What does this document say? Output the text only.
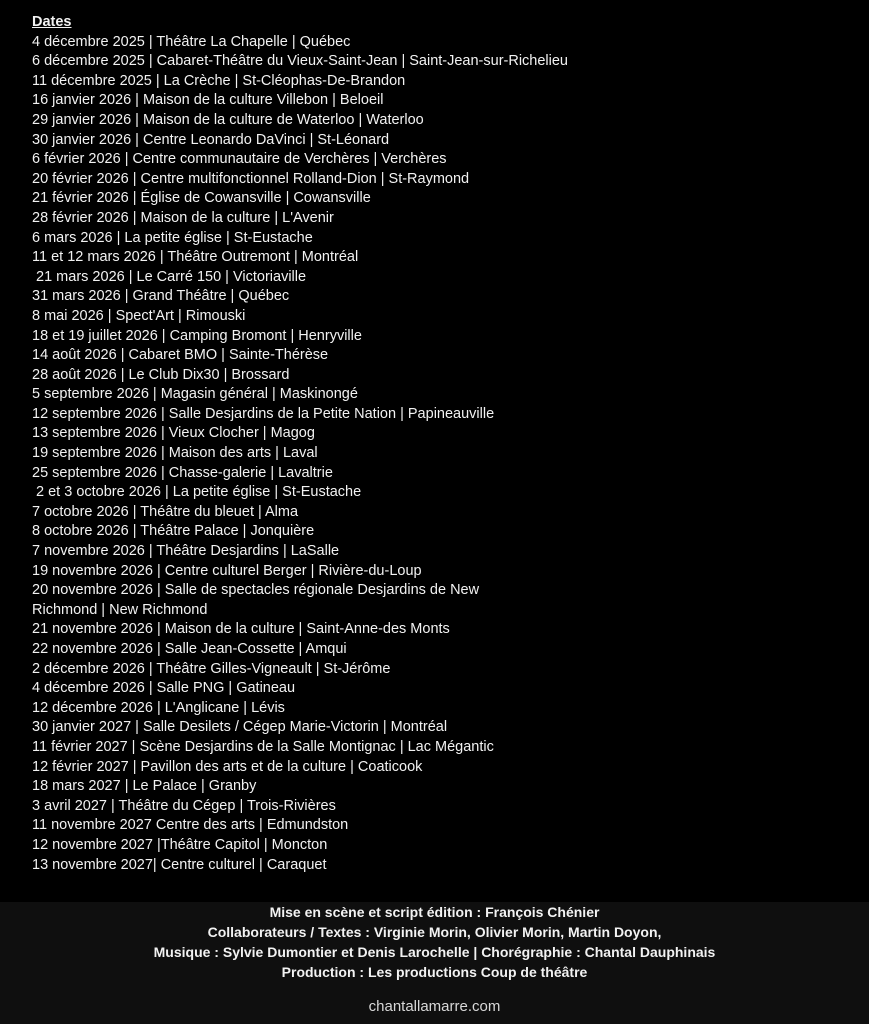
Dates
4 décembre 2025 | Théâtre La Chapelle | Québec
6 décembre 2025 | Cabaret-Théâtre du Vieux-Saint-Jean | Saint-Jean-sur-Richelieu
11 décembre 2025 | La Crèche | St-Cléophas-De-Brandon
16 janvier 2026 | Maison de la culture Villebon | Beloeil
29 janvier 2026 | Maison de la culture de Waterloo | Waterloo
30 janvier 2026 | Centre Leonardo DaVinci | St-Léonard
6 février 2026 | Centre communautaire de Verchères | Verchères
20 février 2026 | Centre multifonctionnel Rolland-Dion | St-Raymond
21 février 2026 | Église de Cowansville | Cowansville
28 février 2026 | Maison de la culture | L'Avenir
6 mars 2026 | La petite église | St-Eustache
11 et 12 mars 2026 | Théâtre Outremont | Montréal
21 mars 2026 | Le Carré 150 | Victoriaville
31 mars 2026 | Grand Théâtre | Québec
8 mai 2026 | Spect'Art | Rimouski
18 et 19 juillet 2026 | Camping Bromont | Henryville
14 août 2026 | Cabaret BMO | Sainte-Thérèse
28 août 2026 | Le Club Dix30 | Brossard
5 septembre 2026 | Magasin général | Maskinongé
12 septembre 2026 | Salle Desjardins de la Petite Nation | Papineauville
13 septembre 2026 | Vieux Clocher | Magog
19 septembre 2026 | Maison des arts | Laval
25 septembre 2026 | Chasse-galerie | Lavaltrie
2 et 3 octobre 2026 | La petite église | St-Eustache
7 octobre 2026 | Théâtre du bleuet | Alma
8 octobre 2026 | Théâtre Palace | Jonquière
7 novembre 2026 | Théâtre Desjardins | LaSalle
19 novembre 2026 | Centre culturel Berger | Rivière-du-Loup
20 novembre 2026 | Salle de spectacles régionale Desjardins de New
Richmond | New Richmond
21 novembre 2026 | Maison de la culture | Saint-Anne-des Monts
22 novembre 2026 | Salle Jean-Cossette | Amqui
2 décembre 2026 | Théâtre Gilles-Vigneault | St-Jérôme
4 décembre 2026 | Salle PNG | Gatineau
12 décembre 2026 | L'Anglicane | Lévis
30 janvier 2027 | Salle Desilets / Cégep Marie-Victorin | Montréal
11 février 2027 | Scène Desjardins de la Salle Montignac | Lac Mégantic
12 février 2027 | Pavillon des arts et de la culture | Coaticook
18 mars 2027 | Le Palace | Granby
3 avril 2027 | Théâtre du Cégep | Trois-Rivières
11 novembre 2027 Centre des arts | Edmundston
12 novembre 2027 |Théâtre Capitol | Moncton
13 novembre 2027| Centre culturel | Caraquet
Mise en scène et script édition : François Chénier
Collaborateurs / Textes : Virginie Morin, Olivier Morin, Martin Doyon,
Musique : Sylvie Dumontier et Denis Larochelle | Chorégraphie : Chantal Dauphinais
Production : Les productions Coup de théâtre
chantallamarre.com
